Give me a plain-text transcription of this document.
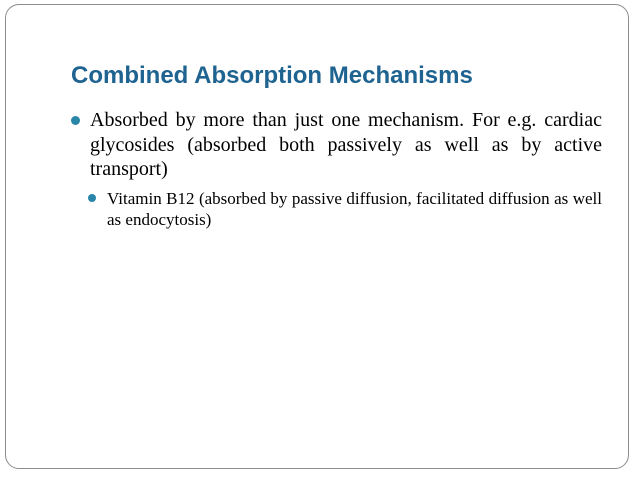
Combined Absorption Mechanisms
Absorbed by more than just one mechanism. For e.g. cardiac glycosides (absorbed both passively as well as by active transport)
Vitamin B12 (absorbed by passive diffusion, facilitated diffusion as well as endocytosis)
